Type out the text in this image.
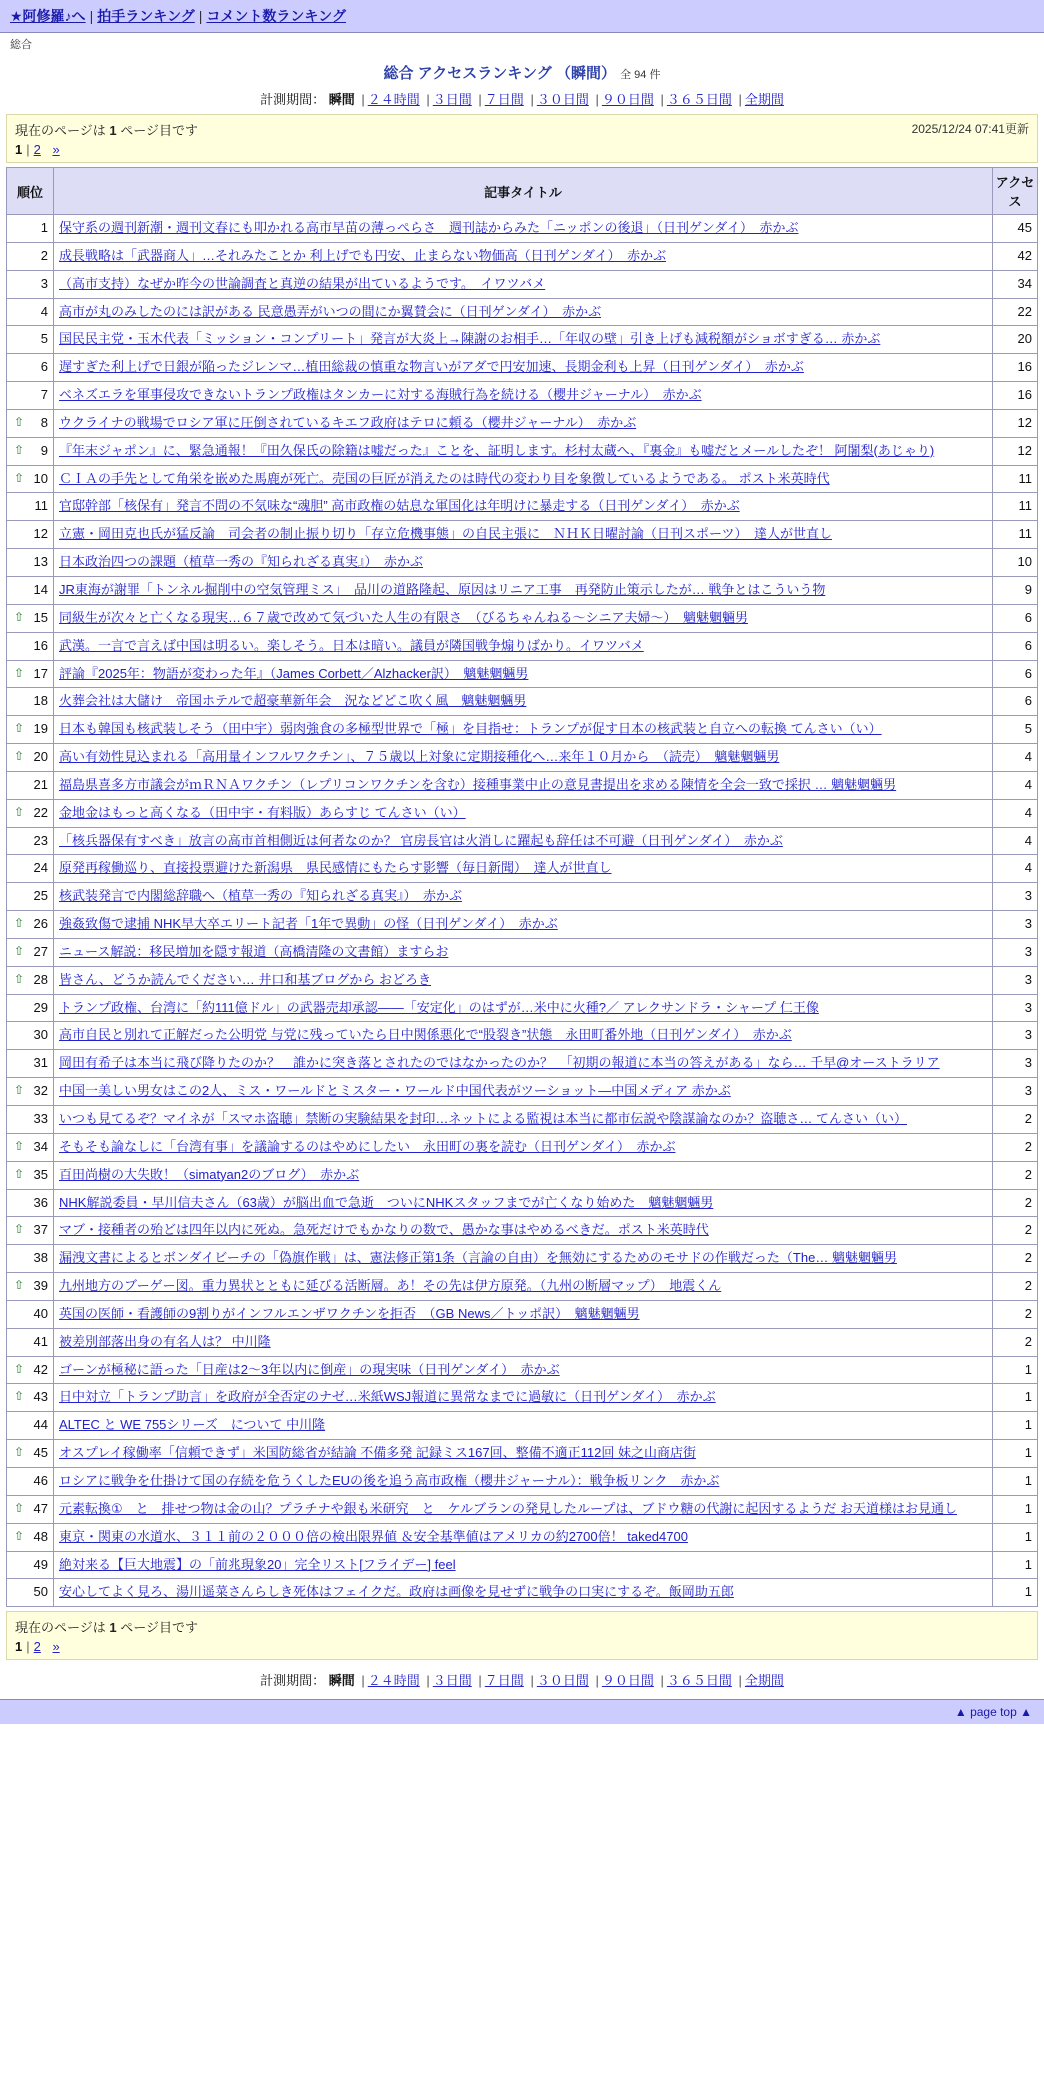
★阿修羅♪へ | 拍手ランキング | コメント数ランキング
総合
総合 アクセスランキング （瞬間） 全 94 件
計測期間： 瞬間 | ２４時間 | ３日間 | ７日間 | ３０日間 | ９０日間 | ３６５日間 | 全期間
2025/12/24 07:41更新
現在のページは 1 ページ目です
1 | 2 »
順位	記事タイトル	アクセス
1	保守系の週刊新潮・週刊文春にも叩かれる高市早苗の薄っぺらさ　週刊誌からみた「ニッポンの後退」（日刊ゲンダイ）　赤かぶ	45
2	成長戦略は「武器商人」…それみたことか 利上げでも円安、止まらない物価高（日刊ゲンダイ）　赤かぶ	42
3	（高市支持）なぜか昨今の世論調査と真逆の結果が出ているようです。　イワツバメ	34
4	高市が丸のみしたのには訳がある 民意愚弄がいつの間にか翼賛会に（日刊ゲンダイ）　赤かぶ	22
5	国民民主党・玉木代表「ミッション・コンプリート」発言が大炎上→陳謝のお相手…「年収の壁」引き上げも減税額がショボすぎる… 赤かぶ	20
6	遅すぎた利上げで日銀が陥ったジレンマ…植田総裁の慎重な物言いがアダで円安加速、長期金利も上昇（日刊ゲンダイ）　赤かぶ	16
7	ベネズエラを軍事侵攻できないトランプ政権はタンカーに対する海賊行為を続ける（櫻井ジャーナル）　赤かぶ	16

⇧ 8	ウクライナの戦場でロシア軍に圧倒されているキエフ政府はテロに頼る（櫻井ジャーナル）　赤かぶ	12

⇧ 9	『年末ジャポン』に、緊急通報！『田久保氏の除籍は嘘だった』ことを、証明します。杉村太蔵へ、『裏金』も嘘だとメールしたぞ！ 阿闍梨(あじゃり)	12

⇧ 10	ＣＩＡの手先として角栄を嵌めた馬鹿が死亡。売国の巨匠が消えたのは時代の変わり目を象徴しているようである。 ポスト米英時代	11
11	官邸幹部「核保有」発言不問の不気味な“魂胆” 高市政権の姑息な軍国化は年明けに暴走する（日刊ゲンダイ）　赤かぶ	11
12	立憲・岡田克也氏が猛反論　司会者の制止振り切り「存立危機事態」の自民主張に　ＮＨＫ日曜討論（日刊スポーツ）　達人が世直し	11
13	日本政治四つの課題（植草一秀の『知られざる真実』）　赤かぶ	10
14	JR東海が謝罪「トンネル掘削中の空気管理ミス」　品川の道路隆起、原因はリニア工事　再発防止策示したが… 戦争とはこういう物	9

⇧ 15	同級生が次々と亡くなる現実…６７歳で改めて気づいた人生の有限さ　（びるちゃんねる〜シニア夫婦〜）　魑魅魍魎男	6
16	武漢。一言で言えば中国は明るい。楽しそう。日本は暗い。議員が隣国戦争煽りばかり。イワツバメ	6

⇧ 17	評論『2025年：物語が変わった年』（James Corbett／Alzhacker訳）　魑魅魍魎男	6
18	火葬会社は大儲け　帝国ホテルで超豪華新年会　況などどこ吹く風　魑魅魍魎男	6

⇧ 19	日本も韓国も核武装しそう（田中宇）弱肉強食の多極型世界で「極」を目指せ：トランプが促す日本の核武装と自立への転換 てんさい（い）	5

⇧ 20	高い有効性見込まれる「高用量インフルワクチン」、７５歳以上対象に定期接種化へ…来年１０月から　（読売）　魑魅魍魎男	4
21	福島県喜多方市議会がｍＲＮＡワクチン（レプリコンワクチンを含む）接種事業中止の意見書提出を求める陳情を全会一致で採択 … 魑魅魍魎男	4

⇧ 22	金地金はもっと高くなる（田中宇・有料版）あらすじ てんさい（い）	4
23	「核兵器保有すべき」放言の高市首相側近は何者なのか？ 官房長官は火消しに躍起も辞任は不可避（日刊ゲンダイ）　赤かぶ	4
24	原発再稼働巡り、直接投票避けた新潟県　県民感情にもたらす影響（毎日新聞）　達人が世直し	4
25	核武装発言で内閣総辞職へ（植草一秀の『知られざる真実』）　赤かぶ	3

⇧ 26	強姦致傷で逮捕 NHK早大卒エリート記者「1年で異動」の怪（日刊ゲンダイ）　赤かぶ	3

⇧ 27	ニュース解説：移民増加を隠す報道（高橋清隆の文書館）ますらお	3

⇧ 28	皆さん、どうか読んでください… 井口和基ブログから おどろき	3
29	トランプ政権、台湾に「約111億ドル」の武器売却承認――「安定化」のはずが…米中に火種?／ アレクサンドラ・シャープ 仁王像	3
30	高市自民と別れて正解だった公明党 与党に残っていたら日中関係悪化で“股裂き”状態　永田町番外地（日刊ゲンダイ）　赤かぶ	3
31	岡田有希子は本当に飛び降りたのか？　誰かに突き落とされたのではなかったのか？　「初期の報道に本当の答えがある」なら… 千早@オーストラリア	3

⇧ 32	中国一美しい男女はこの2人、ミス・ワールドとミスター・ワールド中国代表がツーショット—中国メディア 赤かぶ	3
33	いつも見てるぞ？マイネが「スマホ盗聴」禁断の実験結果を封印…ネットによる監視は本当に都市伝説や陰謀論なのか？盗聴さ… てんさい（い）	2

⇧ 34	そもそも論なしに「台湾有事」を議論するのはやめにしたい　永田町の裏を読む（日刊ゲンダイ）　赤かぶ	2

⇧ 35	百田尚樹の大失敗！（simatyan2のブログ）　赤かぶ	2
36	NHK解説委員・早川信夫さん（63歳）が脳出血で急逝　ついにNHKスタッフまでが亡くなり始めた　魑魅魍魎男	2

⇧ 37	マブ・接種者の殆どは四年以内に死ぬ。急死だけでもかなりの数で、愚かな事はやめるべきだ。ポスト米英時代	2
38	漏洩文書によるとボンダイビーチの「偽旗作戦」は、憲法修正第1条（言論の自由）を無効にするためのモサドの作戦だった（The… 魑魅魍魎男	2

⇧ 39	九州地方のブーゲー図。重力異状とともに延びる活断層。あ！その先は伊方原発。（九州の断層マップ）　地震くん	2
40	英国の医師・看護師の9割りがインフルエンザワクチンを拒否　（GB News／トッポ訳）　魑魅魍魎男	2
41	被差別部落出身の有名人は？ 中川隆	2

⇧ 42	ゴーンが極秘に語った「日産は2〜3年以内に倒産」の現実味（日刊ゲンダイ）　赤かぶ	1

⇧ 43	日中対立「トランプ助言」を政府が全否定のナゼ…米紙WSJ報道に異常なまでに過敏に（日刊ゲンダイ）　赤かぶ	1
44	ALTEC と WE 755シリーズ　について 中川隆	1

⇧ 45	オスプレイ稼働率「信頼できず」米国防総省が結論 不備多発 記録ミス167回、整備不適正112回 妹之山商店街	1
46	ロシアに戦争を仕掛けて国の存続を危うくしたEUの後を追う高市政権（櫻井ジャーナル）：戦争板リンク　赤かぶ	1

⇧ 47	元素転換①　と　排せつ物は金の山？プラチナや銀も米研究　と　ケルブランの発見したループは、ブドウ糖の代謝に起因するようだ お天道様はお見通し	1

⇧ 48	東京・関東の水道水、３１１前の２０００倍の検出限界値 ＆安全基準値はアメリカの約2700倍！ taked4700	1
49	絶対来る【巨大地震】の「前兆現象20」完全リスト[フライデー] feel	1
50	安心してよく見ろ、湯川遥菜さんらしき死体はフェイクだ。政府は画像を見せずに戦争の口実にするぞ。飯岡助五郎	1
現在のページは 1 ページ目です
1 | 2 »
計測期間： 瞬間 | ２４時間 | ３日間 | ７日間 | ３０日間 | ９０日間 | ３６５日間 | 全期間
▲ page top ▲
